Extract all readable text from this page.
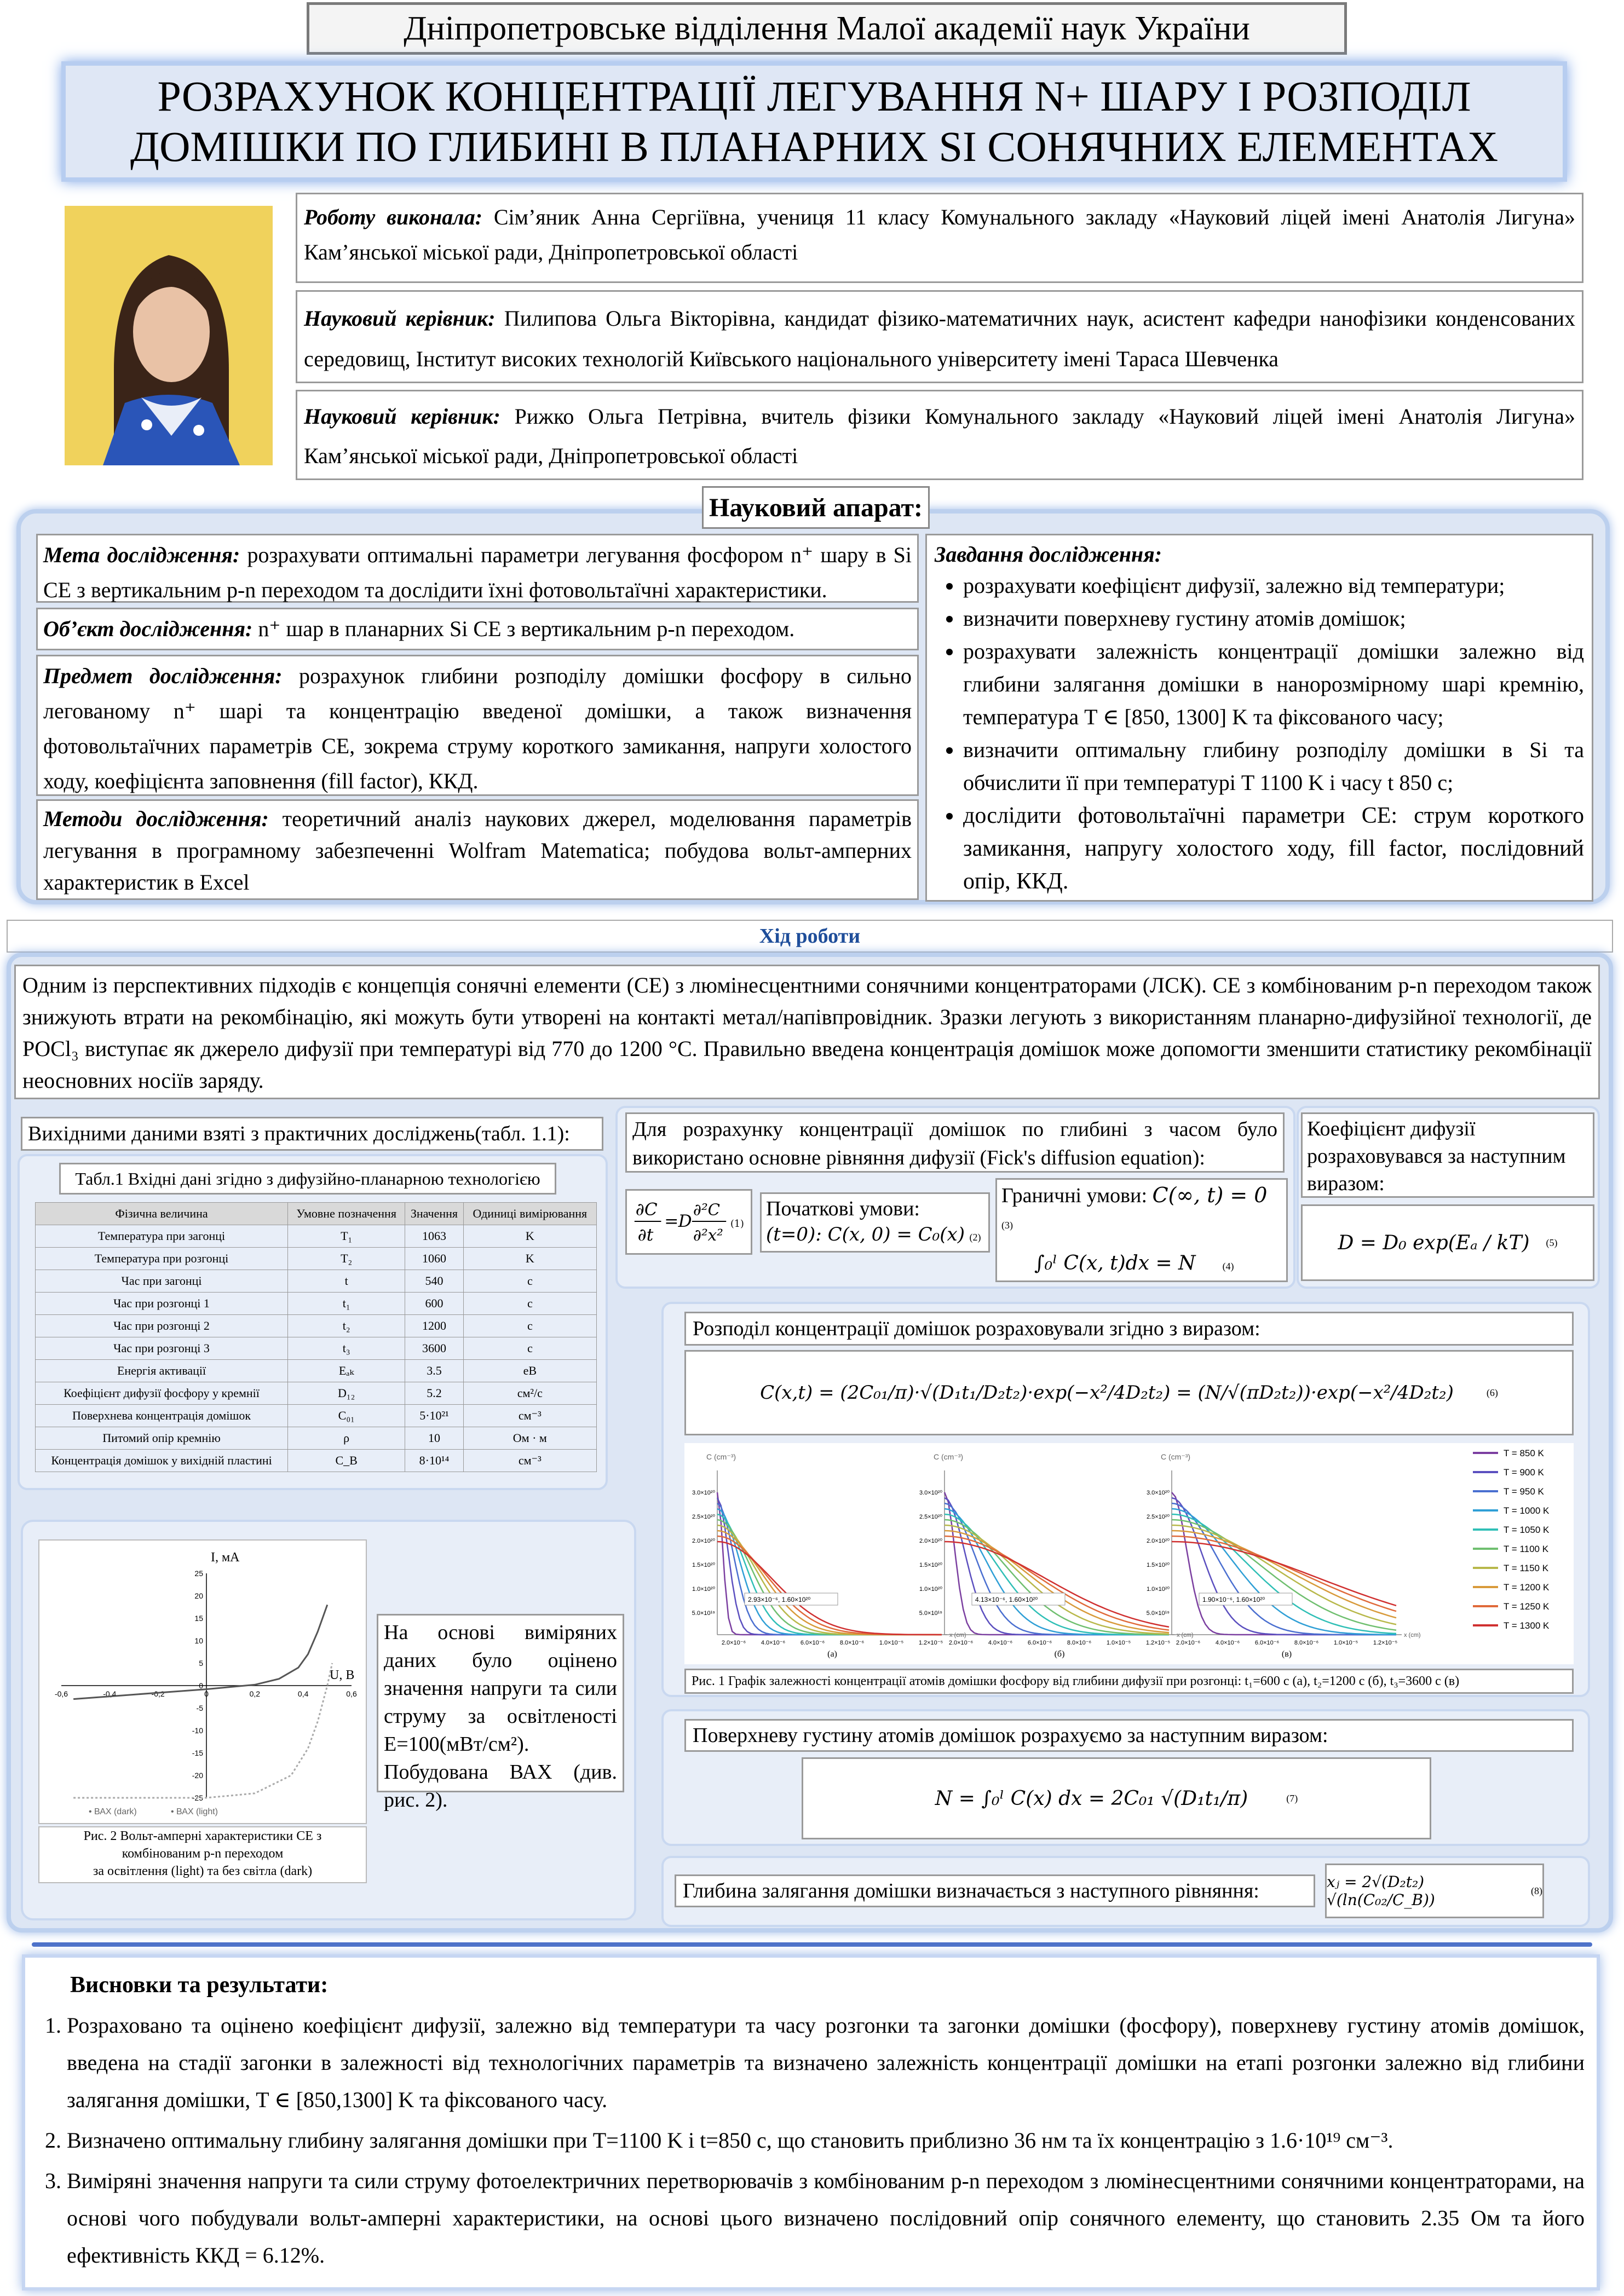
Дніпропетровське відділення Малої академії наук України
РОЗРАХУНОК КОНЦЕНТРАЦІЇ ЛЕГУВАННЯ N+ ШАРУ І РОЗПОДІЛ
ДОМІШКИ ПО ГЛИБИНІ В ПЛАНАРНИХ SI СОНЯЧНИХ ЕЛЕМЕНТАХ
Роботу виконала: Сім’яник Анна Сергіївна, учениця 11 класу Комунального закладу «Науковий ліцей імені Анатолія Лигуна» Кам’янської міської ради, Дніпропетровської області
Науковий керівник: Пилипова Ольга Вікторівна, кандидат фізико-математичних наук, асистент кафедри нанофізики конденсованих середовищ, Інститут високих технологій Київського національного університету імені Тараса Шевченка
Науковий керівник: Рижко Ольга Петрівна, вчитель фізики Комунального закладу «Науковий ліцей імені Анатолія Лигуна» Кам’янської міської ради, Дніпропетровської області
Науковий апарат:
Мета дослідження: розрахувати оптимальні параметри легування фосфором n⁺ шару в Si СЕ з вертикальним p-n переходом та дослідити їхні фотовольтаїчні характеристики.
Об’єкт дослідження: n⁺ шар в планарних Si СЕ з вертикальним p-n переходом.
Предмет дослідження: розрахунок глибини розподілу домішки фосфору в сильно легованому n⁺ шарі та концентрацію введеної домішки, а також визначення фотовольтаїчних параметрів СЕ, зокрема струму короткого замикання, напруги холостого ходу, коефіцієнта заповнення (fill factor), ККД.
Методи дослідження: теоретичний аналіз наукових джерел, моделювання параметрів легування в програмному забезпеченні Wolfram Matematica; побудова вольт-амперних характеристик в Excel
Завдання дослідження:
• розрахувати коефіцієнт дифузії, залежно від температури;
• визначити поверхневу густину атомів домішок;
• розрахувати залежність концентрації домішки залежно від глибини залягання домішки в нанорозмірному шарі кремнію, температура T ∈ [850, 1300] K та фіксованого часу;
• визначити оптимальну глибину розподілу домішки в Si та обчислити її при температурі T 1100 K і часу t 850 с;
• дослідити фотовольтаїчні параметри СЕ: струм короткого замикання, напругу холостого ходу, fill factor, послідовний опір, ККД.
Хід роботи
Одним із перспективних підходів є концепція сонячні елементи (СЕ) з люмінесцентними сонячними концентраторами (ЛСК). СЕ з комбінованим p-n переходом також знижують втрати на рекомбінацію, які можуть бути утворені на контакті метал/напівпровідник. Зразки легують з використанням планарно-дифузійної технології, де POCl₃ виступає як джерело дифузії при температурі від 770 до 1200 °C. Правильно введена концентрація домішок може допомогти зменшити статистику рекомбінації неосновних носіїв заряду.
Вихідними даними взяті з практичних досліджень(табл. 1.1):
Табл.1 Вхідні дані згідно з дифузійно-планарною технологією
Фізична величина	Умовне позначення	Значення	Одиниці вимірювання
Температура при загонці	T₁	1063	K
Температура при розгонці	T₂	1060	K
Час при загонці	t	540	с
Час при розгонці 1	t₁	600	с
Час при розгонці 2	t₂	1200	с
Час при розгонці 3	t₃	3600	с
Енергія активації	Eₐₖ	3.5	eВ
Коефіцієнт дифузії фосфору у кремнії	D₁₂	5.2	см²/с
Поверхнева концентрація домішок	C₀₁	5·10²¹	см⁻³
Питомий опір кремнію	ρ	10	Ом · м
Концентрація домішок у вихідній пластині	C_B	8·10¹⁴	см⁻³
Для розрахунку концентрації домішок по глибині з часом було використано основне рівняння дифузії (Fick's diffusion equation):
∂C
∂t
= D
∂²C
∂²x²
(1)
Початкові умови:
(t=0): C(x, 0) = C₀(x) (2)
Граничні умови: C(∞, t) = 0 (3)
∫₀ˡ C(x, t)dx = N	(4)
Коефіцієнт дифузії розраховувався за наступним виразом:
D = D₀ exp(Eₐ / kT) (5)
Розподіл концентрації домішок розраховували згідно з виразом:
C(x,t) = (2C₀₁/π)·√(D₁t₁/D₂t₂)·exp(−x²/4D₂t₂) = (N/√(πD₂t₂))·exp(−x²/4D₂t₂)	(6)
C (cm⁻³)
3.0×10²⁰
2.5×10²⁰
2.0×10²⁰
1.5×10²⁰
1.0×10²⁰
5.0×10¹⁹
2.0×10⁻⁶	4.0×10⁻⁶	6.0×10⁻⁶	8.0×10⁻⁶	1.0×10⁻⁵	1.2×10⁻⁵
x (cm)
2.93×10⁻⁶, 1.60×10²⁰
(а)
C (cm⁻³)
3.0×10²⁰
2.5×10²⁰
2.0×10²⁰
1.5×10²⁰
1.0×10²⁰
5.0×10¹⁹
2.0×10⁻⁶	4.0×10⁻⁶	6.0×10⁻⁶	8.0×10⁻⁶	1.0×10⁻⁵	1.2×10⁻⁵
x (cm)
4.13×10⁻⁶, 1.60×10²⁰
(б)
C (cm⁻³)
3.0×10²⁰
2.5×10²⁰
2.0×10²⁰
1.5×10²⁰
1.0×10²⁰
5.0×10¹⁹
2.0×10⁻⁶	4.0×10⁻⁶	6.0×10⁻⁶	8.0×10⁻⁶	1.0×10⁻⁵	1.2×10⁻⁵
x (cm)
1.90×10⁻⁶, 1.60×10²⁰
(в)
T = 850 K
T = 900 K
T = 950 K
T = 1000 K
T = 1050 K
T = 1100 K
T = 1150 K
T = 1200 K
T = 1250 K
T = 1300 K
Рис. 1 Графік залежності концентрації атомів домішки фосфору від глибини дифузії при розгонці: t₁=600 с (а), t₂=1200 с (б), t₃=3600 с (в)
I, мА
U, В
-0,6	-0,4	-0,2	0	0,2	0,4	0,6
25
20
15
10
5
0
-5
-10
-15
-20
-25
• ВАХ (dark)	• ВАХ (light)
Рис. 2 Вольт-амперні характеристики СЕ з
комбінованим p-n переходом
за освітлення (light) та без світла (dark)
На основі виміряних даних було оцінено значення напруги та сили струму за освітленості E=100(мВт/см²). Побудована ВАХ (див. рис. 2).
Поверхневу густину атомів домішок розрахуємо за наступним виразом:
N = ∫₀ˡ C(x) dx = 2C₀₁ √(D₁t₁/π)	(7)
Глибина залягання домішки визначається з наступного рівняння:	xⱼ = 2√(D₂t₂) √(ln(C₀₂/C_B))
(8)
Висновки та результати:
1. Розраховано та оцінено коефіцієнт дифузії, залежно від температури та часу розгонки та загонки домішки (фосфору), поверхневу густину атомів домішок, введена на стадії загонки в залежності від технологічних параметрів та визначено залежність концентрації домішки на етапі розгонки залежно від глибини залягання домішки, T ∈ [850,1300] K та фіксованого часу.
2. Визначено оптимальну глибину залягання домішки при T=1100 K і t=850 с, що становить приблизно 36 нм та їх концентрацію з 1.6·10¹⁹ см⁻³.
3. Виміряні значення напруги та сили струму фотоелектричних перетворювачів з комбінованим p-n переходом з люмінесцентними сонячними концентраторами, на основі чого побудували вольт-амперні характеристики, на основі цього визначено послідовний опір сонячного елементу, що становить 2.35 Ом та його ефективність ККД = 6.12%.
